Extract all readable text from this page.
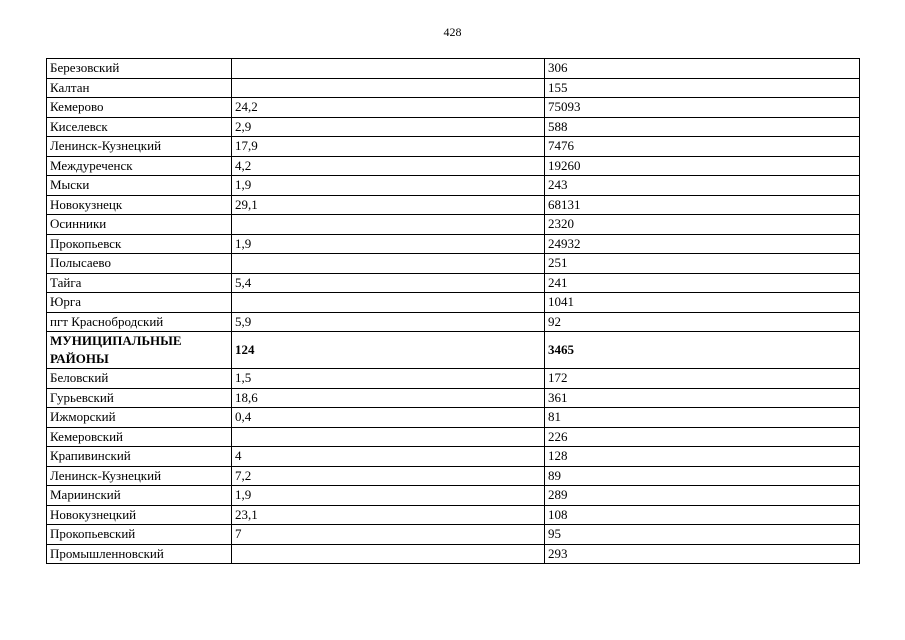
428
Березовский		306
Калтан		155
Кемерово	24,2	75093
Киселевск	2,9	588
Ленинск-Кузнецкий	17,9	7476
Междуреченск	4,2	19260
Мыски	1,9	243
Новокузнецк	29,1	68131
Осинники		2320
Прокопьевск	1,9	24932
Полысаево		251
Тайга	5,4	241
Юрга		1041
пгт Краснобродский	5,9	92
МУНИЦИПАЛЬНЫЕ РАЙОНЫ	124	3465
Беловский	1,5	172
Гурьевский	18,6	361
Ижморский	0,4	81
Кемеровский		226
Крапивинский	4	128
Ленинск-Кузнецкий	7,2	89
Мариинский	1,9	289
Новокузнецкий	23,1	108
Прокопьевский	7	95
Промышленновский		293
